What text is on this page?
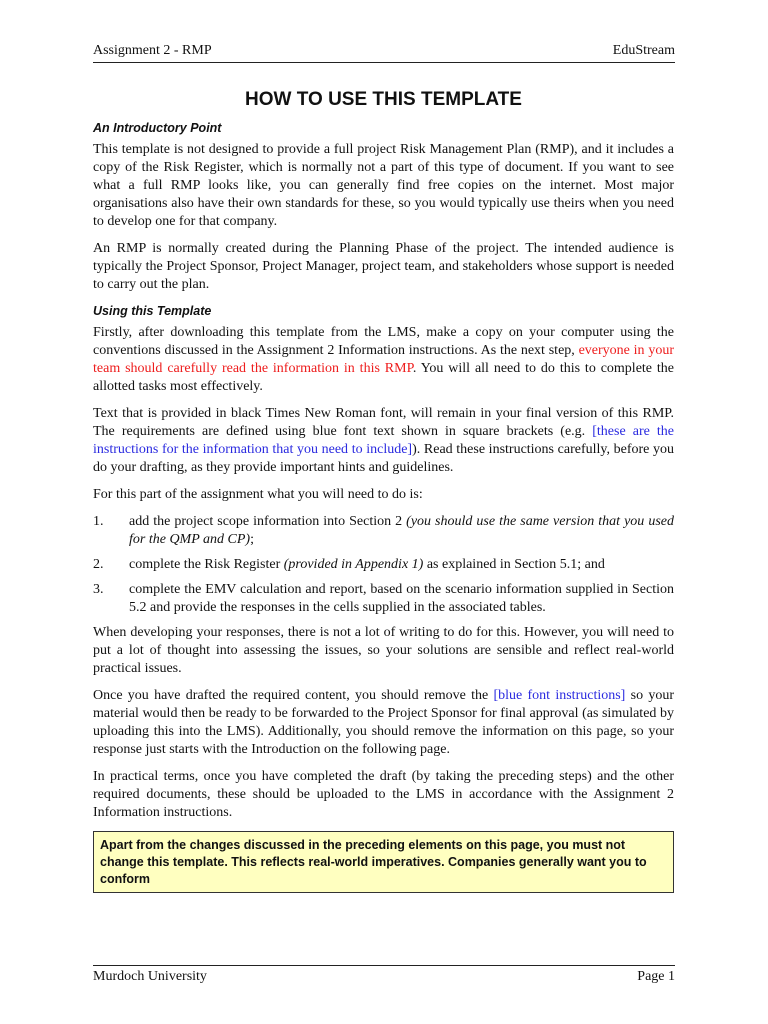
Assignment 2 - RMP	EduStream
HOW TO USE THIS TEMPLATE
An Introductory Point

This template is not designed to provide a full project Risk Management Plan (RMP), and it includes a copy of the Risk Register, which is normally not a part of this type of document. If you want to see what a full RMP looks like, you can generally find free copies on the internet. Most major organisations also have their own standards for these, so you would typically use theirs when you need to develop one for that company.

An RMP is normally created during the Planning Phase of the project. The intended audience is typically the Project Sponsor, Project Manager, project team, and stakeholders whose support is needed to carry out the plan.

Using this Template

Firstly, after downloading this template from the LMS, make a copy on your computer using the conventions discussed in the Assignment 2 Information instructions. As the next step, everyone in your team should carefully read the information in this RMP. You will all need to do this to complete the allotted tasks most effectively.

Text that is provided in black Times New Roman font, will remain in your final version of this RMP. The requirements are defined using blue font text shown in square brackets (e.g. [these are the instructions for the information that you need to include]). Read these instructions carefully, before you do your drafting, as they provide important hints and guidelines.

For this part of the assignment what you will need to do is:

1.	add the project scope information into Section 2 (you should use the same version that you used for the QMP and CP);
2.	complete the Risk Register (provided in Appendix 1) as explained in Section 5.1; and
3.	complete the EMV calculation and report, based on the scenario information supplied in Section 5.2 and provide the responses in the cells supplied in the associated tables.

When developing your responses, there is not a lot of writing to do for this. However, you will need to put a lot of thought into assessing the issues, so your solutions are sensible and reflect real-world practical issues.

Once you have drafted the required content, you should remove the [blue font instructions] so your material would then be ready to be forwarded to the Project Sponsor for final approval (as simulated by uploading this into the LMS). Additionally, you should remove the information on this page, so your response just starts with the Introduction on the following page.

In practical terms, once you have completed the draft (by taking the preceding steps) and the other required documents, these should be uploaded to the LMS in accordance with the Assignment 2 Information instructions.

Apart from the changes discussed in the preceding elements on this page, you must not change this template. This reflects real-world imperatives. Companies generally want you to conform
Murdoch University	Page 1
